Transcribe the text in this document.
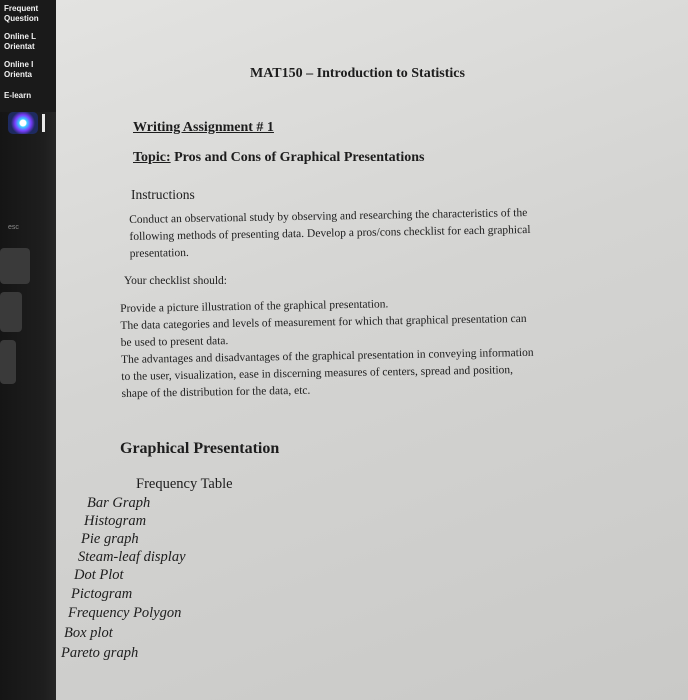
Frequent
Question
Online L
Orientat
Online I
Orienta
E-learn
esc
MAT150 – Introduction to Statistics
Writing Assignment # 1
Topic: Pros and Cons of Graphical Presentations
Instructions
Conduct an observational study by observing and researching the characteristics of the
following methods of presenting data. Develop a pros/cons checklist for each graphical
presentation.
Your checklist should:
Provide a picture illustration of the graphical presentation.
The data categories and levels of measurement for which that graphical presentation can
be used to present data.
The advantages and disadvantages of the graphical presentation in conveying information
to the user, visualization, ease in discerning measures of centers, spread and position,
shape of the distribution for the data, etc.
Graphical Presentation
Frequency Table
Bar Graph
Histogram
Pie graph
Steam-leaf display
Dot Plot
Pictogram
Frequency Polygon
Box plot
Pareto graph
